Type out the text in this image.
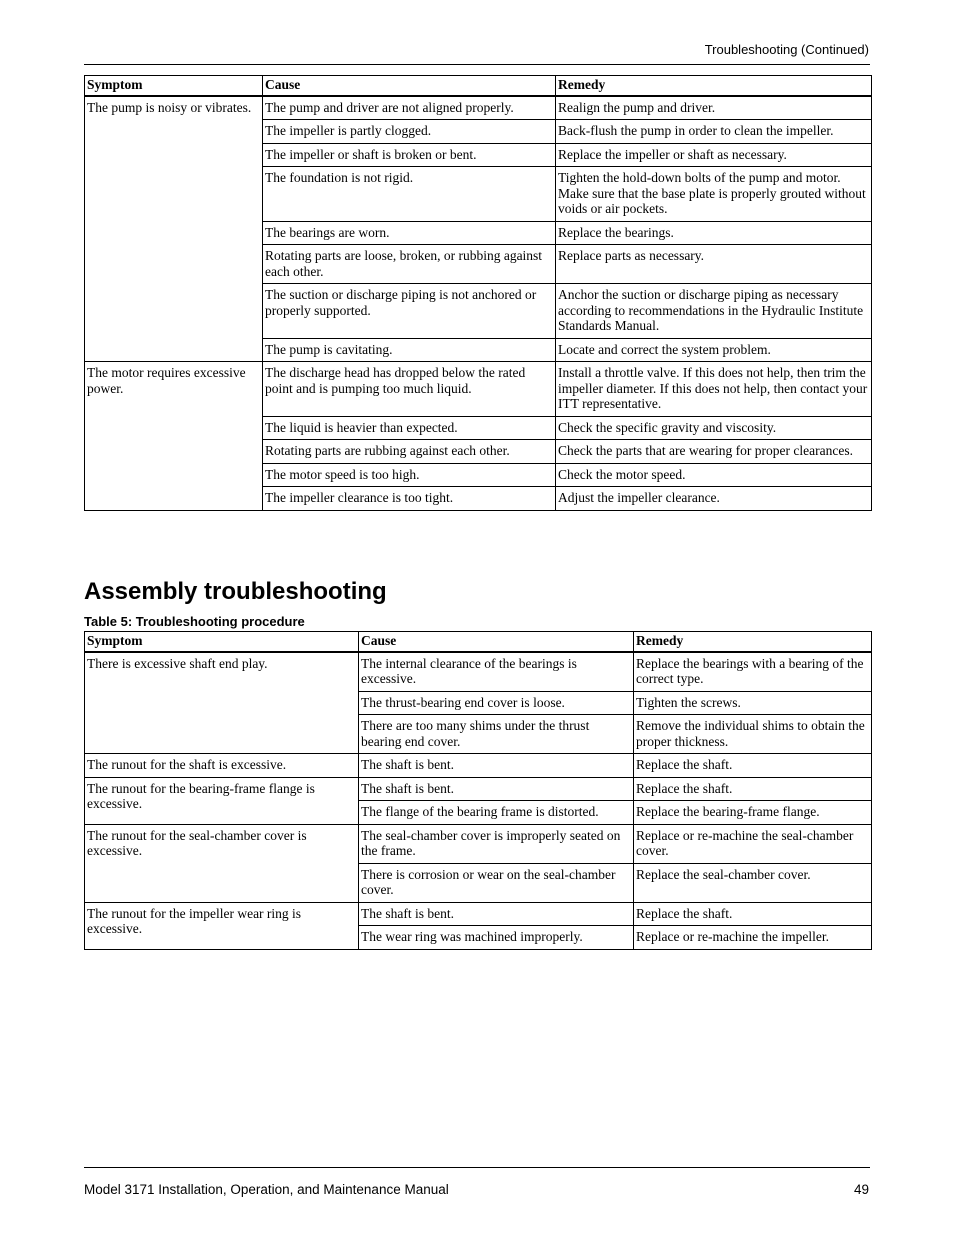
Troubleshooting (Continued)
Symptom	Cause	Remedy
The pump is noisy or vibrates.	The pump and driver are not aligned properly.	Realign the pump and driver.
	The impeller is partly clogged.	Back-flush the pump in order to clean the impeller.
	The impeller or shaft is broken or bent.	Replace the impeller or shaft as necessary.
	The foundation is not rigid.	Tighten the hold-down bolts of the pump and motor. Make sure that the base plate is properly grouted without voids or air pockets.
	The bearings are worn.	Replace the bearings.
	Rotating parts are loose, broken, or rubbing against each other.	Replace parts as necessary.
	The suction or discharge piping is not anchored or properly supported.	Anchor the suction or discharge piping as necessary according to recommendations in the Hydraulic Institute Standards Manual.
	The pump is cavitating.	Locate and correct the system problem.
The motor requires excessive power.	The discharge head has dropped below the rated point and is pumping too much liquid.	Install a throttle valve. If this does not help, then trim the impeller diameter. If this does not help, then contact your ITT representative.
	The liquid is heavier than expected.	Check the specific gravity and viscosity.
	Rotating parts are rubbing against each other.	Check the parts that are wearing for proper clearances.
	The motor speed is too high.	Check the motor speed.
	The impeller clearance is too tight.	Adjust the impeller clearance.
Assembly troubleshooting
Table 5: Troubleshooting procedure
Symptom	Cause	Remedy
There is excessive shaft end play.	The internal clearance of the bearings is excessive.	Replace the bearings with a bearing of the correct type.
	The thrust-bearing end cover is loose.	Tighten the screws.
	There are too many shims under the thrust bearing end cover.	Remove the individual shims to obtain the proper thickness.
The runout for the shaft is excessive.	The shaft is bent.	Replace the shaft.
The runout for the bearing-frame flange is excessive.	The shaft is bent.	Replace the shaft.
	The flange of the bearing frame is distorted.	Replace the bearing-frame flange.
The runout for the seal-chamber cover is excessive.	The seal-chamber cover is improperly seated on the frame.	Replace or re-machine the seal-chamber cover.
	There is corrosion or wear on the seal-chamber cover.	Replace the seal-chamber cover.
The runout for the impeller wear ring is excessive.	The shaft is bent.	Replace the shaft.
	The wear ring was machined improperly.	Replace or re-machine the impeller.
Model 3171 Installation, Operation, and Maintenance Manual	49
